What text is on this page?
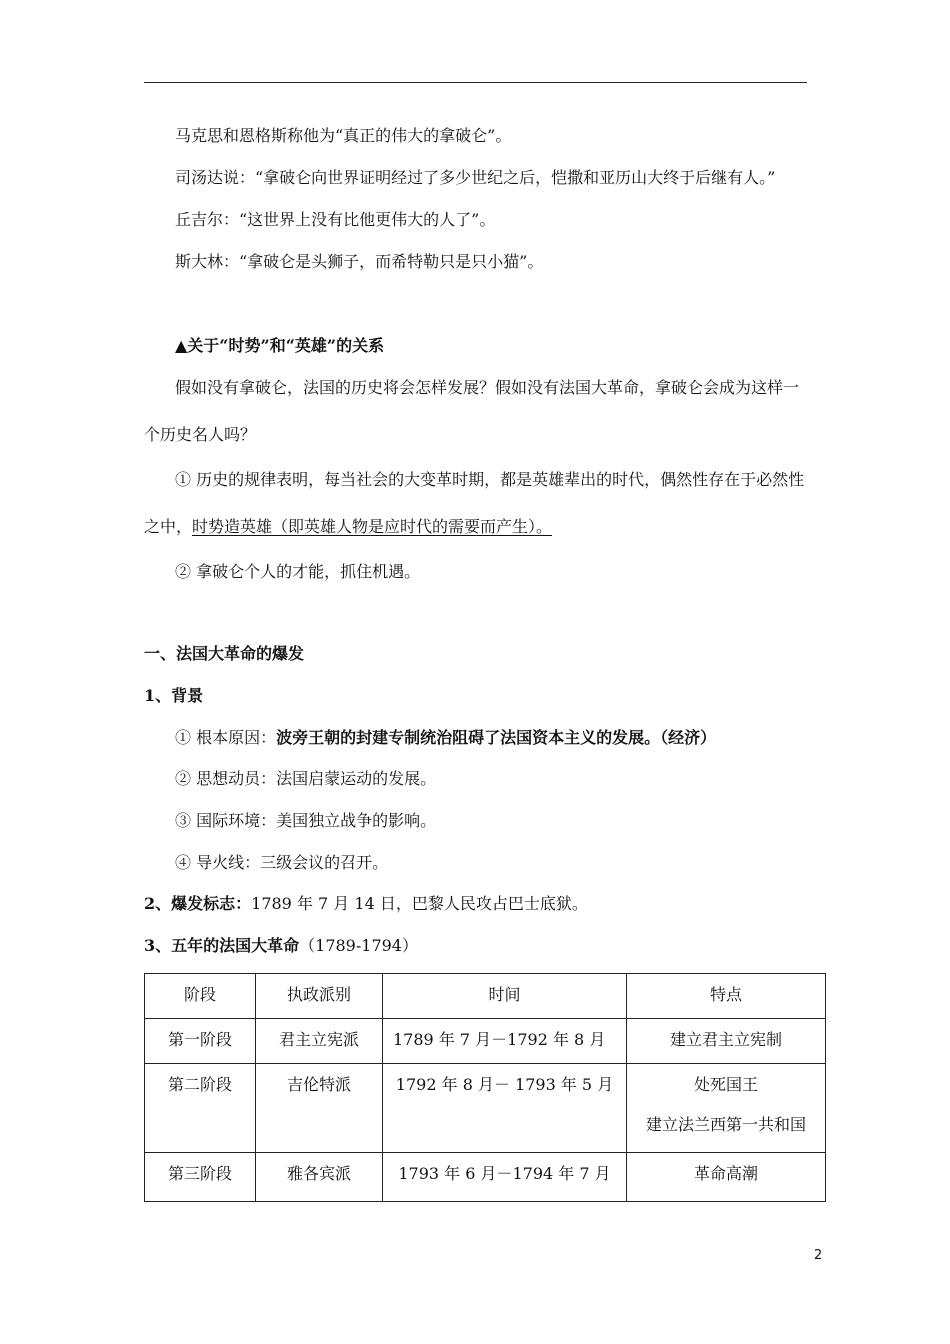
马克思和恩格斯称他为“真正的伟大的拿破仑”。
司汤达说：“拿破仑向世界证明经过了多少世纪之后，恺撒和亚历山大终于后继有人。”
丘吉尔：“这世界上没有比他更伟大的人了”。
斯大林：“拿破仑是头狮子，而希特勒只是只小猫”。
▲关于“时势”和“英雄”的关系
假如没有拿破仑，法国的历史将会怎样发展？假如没有法国大革命，拿破仑会成为这样一
个历史名人吗？
① 历史的规律表明，每当社会的大变革时期，都是英雄辈出的时代，偶然性存在于必然性
之中，时势造英雄（即英雄人物是应时代的需要而产生）。
② 拿破仑个人的才能，抓住机遇。
一、法国大革命的爆发
1、背景
① 根本原因：波旁王朝的封建专制统治阻碍了法国资本主义的发展。（经济）
② 思想动员：法国启蒙运动的发展。
③ 国际环境：美国独立战争的影响。
④ 导火线：三级会议的召开。
2、爆发标志：1789 年 7 月 14 日，巴黎人民攻占巴士底狱。
3、五年的法国大革命（1789-1794）
阶段	执政派别	时间	特点
第一阶段	君主立宪派	1789 年 7 月－1792 年 8 月	建立君主立宪制
第二阶段	吉伦特派	1792 年 8 月－ 1793 年 5 月	处死国王
建立法兰西第一共和国

第三阶段	雅各宾派	1793 年 6 月－1794 年 7 月	革命高潮
2
